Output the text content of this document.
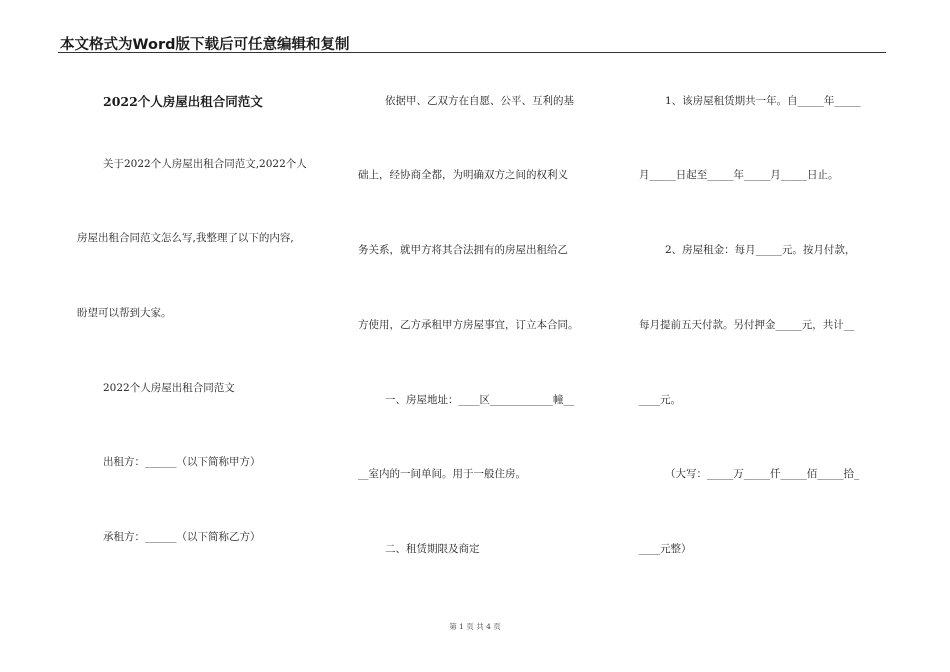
本文格式为Word版下载后可任意编辑和复制
2022个人房屋出租合同范文
关于2022个人房屋出租合同范文,2022个人
房屋出租合同范文怎么写,我整理了以下的内容,
盼望可以帮到大家。
2022个人房屋出租合同范文
出租方：______（以下简称甲方）
承租方：______（以下简称乙方）
依据甲、乙双方在自愿、公平、互利的基
础上，经协商全都，为明确双方之间的权利义
务关系，就甲方将其合法拥有的房屋出租给乙
方使用，乙方承租甲方房屋事宜，订立本合同。
一、房屋地址：____区____________幢__
__室内的一间单间。用于一般住房。
二、租赁期限及商定
1、该房屋租赁期共一年。自_____年_____
月_____日起至_____年_____月_____日止。
2、房屋租金：每月_____元。按月付款，
每月提前五天付款。另付押金_____元，共计__
____元。
（大写：_____万_____仟_____佰_____拾_
____元整）
第 1 页 共 4 页
